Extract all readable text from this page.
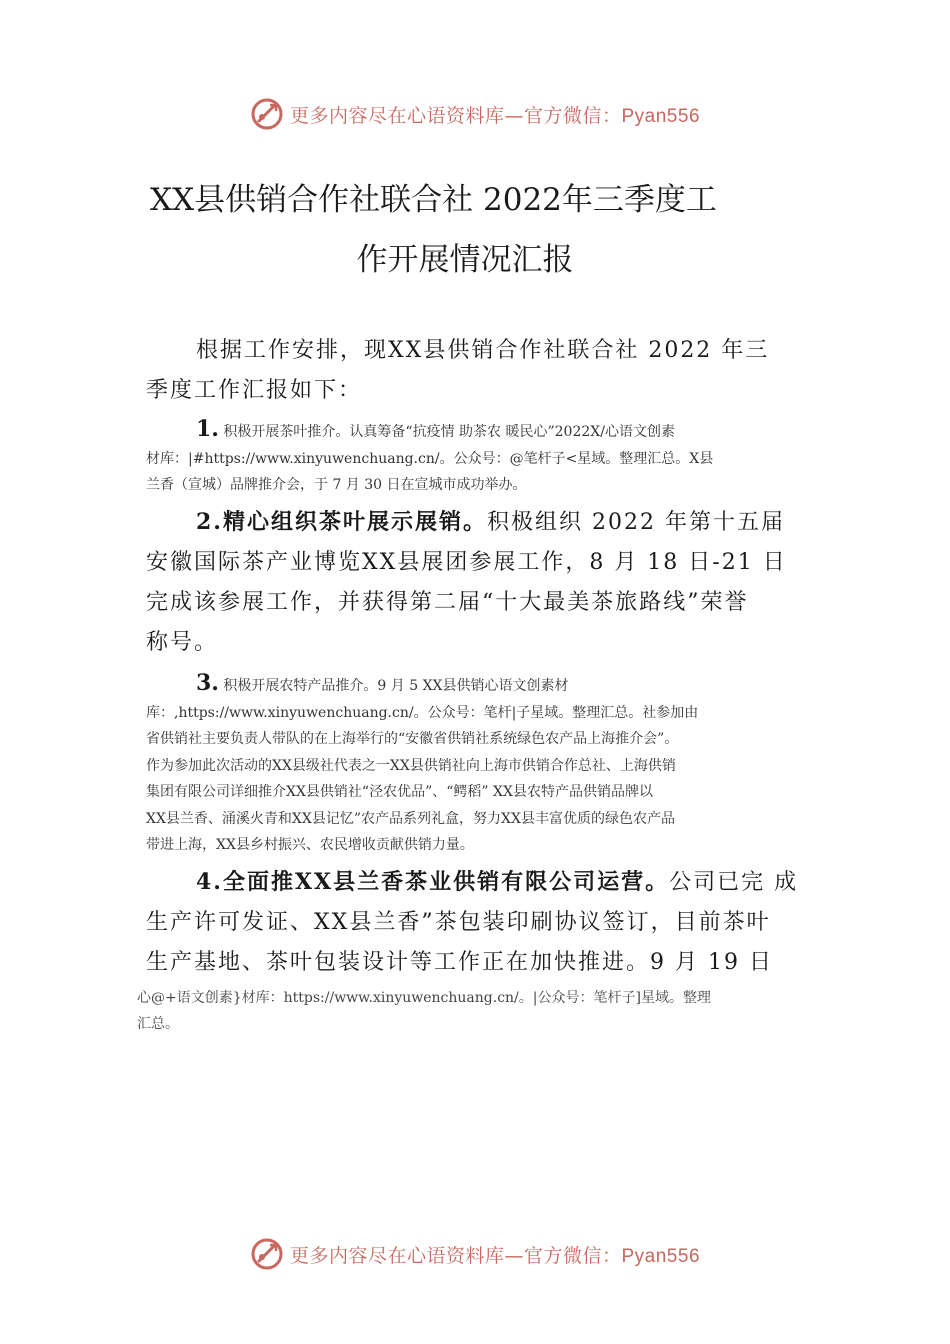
更多内容尽在心语资料库—官方微信：Pyan556
XX县供销合作社联合社 2022年三季度工
作开展情况汇报

根据工作安排，现XX县供销合作社联合社 2022 年三
季度工作汇报如下：

1. 积极开展茶叶推介。认真筹备“抗疫情 助茶农 暖民心”2022X/心语文创素
材库：|#https://www.xinyuwenchuang.cn/。公众号：@笔杆子<星域。整理汇总。X县
兰香（宣城）品牌推介会，于 7 月 30 日在宣城市成功举办。

2.精心组织茶叶展示展销。积极组织 2022 年第十五届
安徽国际茶产业博览XX县展团参展工作，8 月 18 日-21 日
完成该参展工作，并获得第二届“十大最美茶旅路线”荣誉
称号。

3. 积极开展农特产品推介。9 月 5 XX县供销心语文创素材
库：,https://www.xinyuwenchuang.cn/。公众号：笔杆|子星域。整理汇总。社参加由
省供销社主要负责人带队的在上海举行的“安徽省供销社系统绿色农产品上海推介会”。
作为参加此次活动的XX县级社代表之一XX县供销社向上海市供销合作总社、上海供销
集团有限公司详细推介XX县供销社“泾农优品”、“鳄稻” XX县农特产品供销品牌以
XX县兰香、涌溪火青和XX县记忆”农产品系列礼盒，努力XX县丰富优质的绿色农产品
带进上海，XX县乡村振兴、农民增收贡献供销力量。

4.全面推XX县兰香茶业供销有限公司运营。公司已完 成
生产许可发证、XX县兰香”茶包装印刷协议签订，目前茶叶
生产基地、茶叶包装设计等工作正在加快推进。9 月 19 日

心@+语文创素}材库：https://www.xinyuwenchuang.cn/。|公众号：笔杆子]星域。整理
汇总。
更多内容尽在心语资料库—官方微信：Pyan556
